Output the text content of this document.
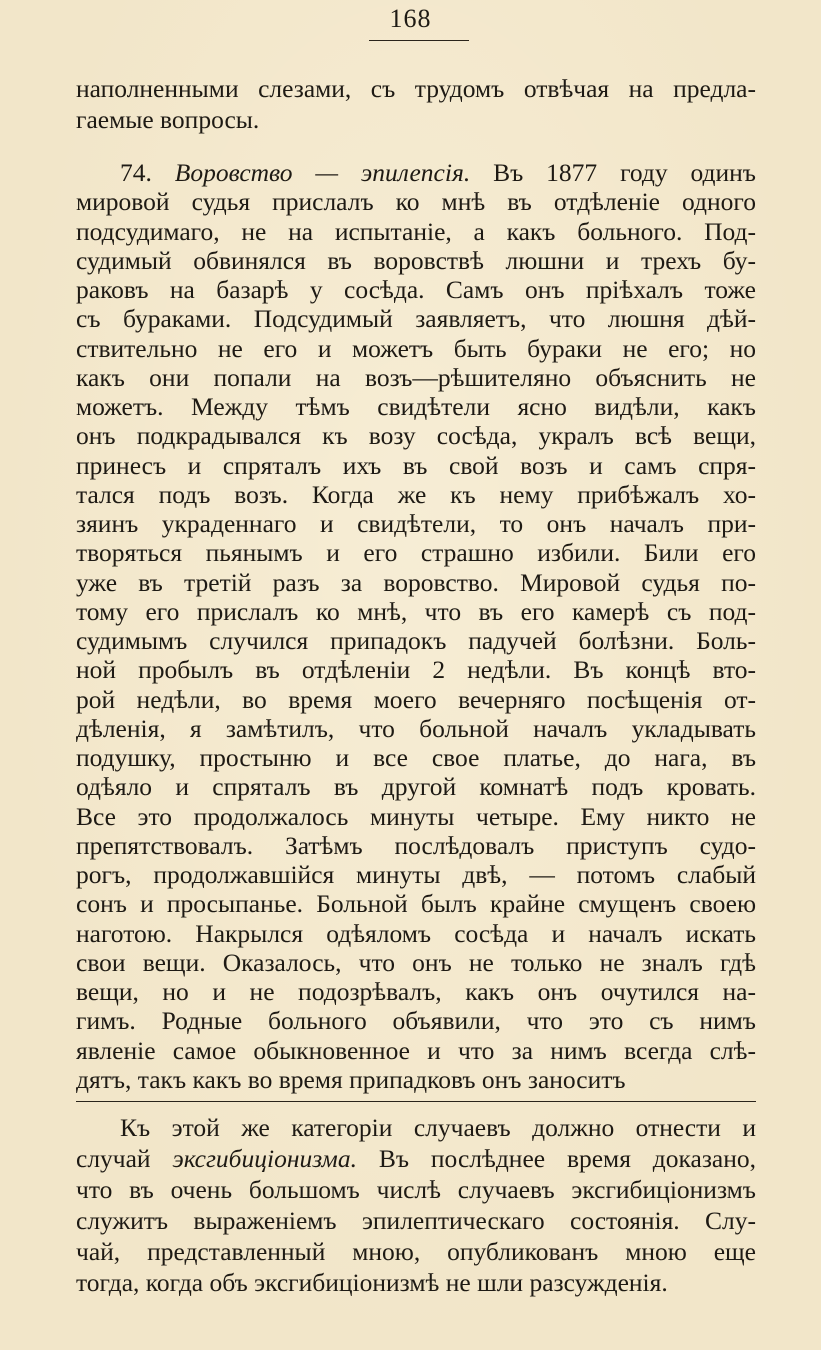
168
наполненными слезами, съ трудомъ отвѣчая на предла-
гаемые вопросы.
74. Воровство — эпилепсія. Въ 1877 году одинъ
мировой судья прислалъ ко мнѣ въ отдѣленіе одного
подсудимаго, не на испытаніе, а какъ больного. Под-
судимый обвинялся въ воровствѣ люшни и трехъ бу-
раковъ на базарѣ у сосѣда. Самъ онъ пріѣхалъ тоже
съ бураками. Подсудимый заявляетъ, что люшня дѣй-
ствительно не его и можетъ быть бураки не его; но
какъ они попали на возъ—рѣшителяно объяснить не
можетъ. Между тѣмъ свидѣтели ясно видѣли, какъ
онъ подкрадывался къ возу сосѣда, укралъ всѣ вещи,
принесъ и спряталъ ихъ въ свой возъ и самъ спря-
тался подъ возъ. Когда же къ нему прибѣжалъ хо-
зяинъ украденнаго и свидѣтели, то онъ началъ при-
творяться пьянымъ и его страшно избили. Били его
уже въ третій разъ за воровство. Мировой судья по-
тому его прислалъ ко мнѣ, что въ его камерѣ съ под-
судимымъ случился припадокъ падучей болѣзни. Боль-
ной пробылъ въ отдѣленіи 2 недѣли. Въ концѣ вто-
рой недѣли, во время моего вечерняго посѣщенія от-
дѣленія, я замѣтилъ, что больной началъ укладывать
подушку, простыню и все свое платье, до нага, въ
одѣяло и спряталъ въ другой комнатѣ подъ кровать.
Все это продолжалось минуты четыре. Ему никто не
препятствовалъ. Затѣмъ послѣдовалъ приступъ судо-
рогъ, продолжавшійся минуты двѣ, — потомъ слабый
сонъ и просыпанье. Больной былъ крайне смущенъ своею
наготою. Накрылся одѣяломъ сосѣда и началъ искать
свои вещи. Оказалось, что онъ не только не зналъ гдѣ
вещи, но и не подозрѣвалъ, какъ онъ очутился на-
гимъ. Родные больного объявили, что это съ нимъ
явленіе самое обыкновенное и что за нимъ всегда слѣ-
дятъ, такъ какъ во время припадковъ онъ заноситъ
Къ этой же категоріи случаевъ должно отнести и
случай эксгибиціонизма. Въ послѣднее время доказано,
что въ очень большомъ числѣ случаевъ эксгибиціонизмъ
служитъ выраженіемъ эпилептическаго состоянія. Слу-
чай, представленный мною, опубликованъ мною еще
тогда, когда объ эксгибиціонизмѣ не шли разсужденія.
